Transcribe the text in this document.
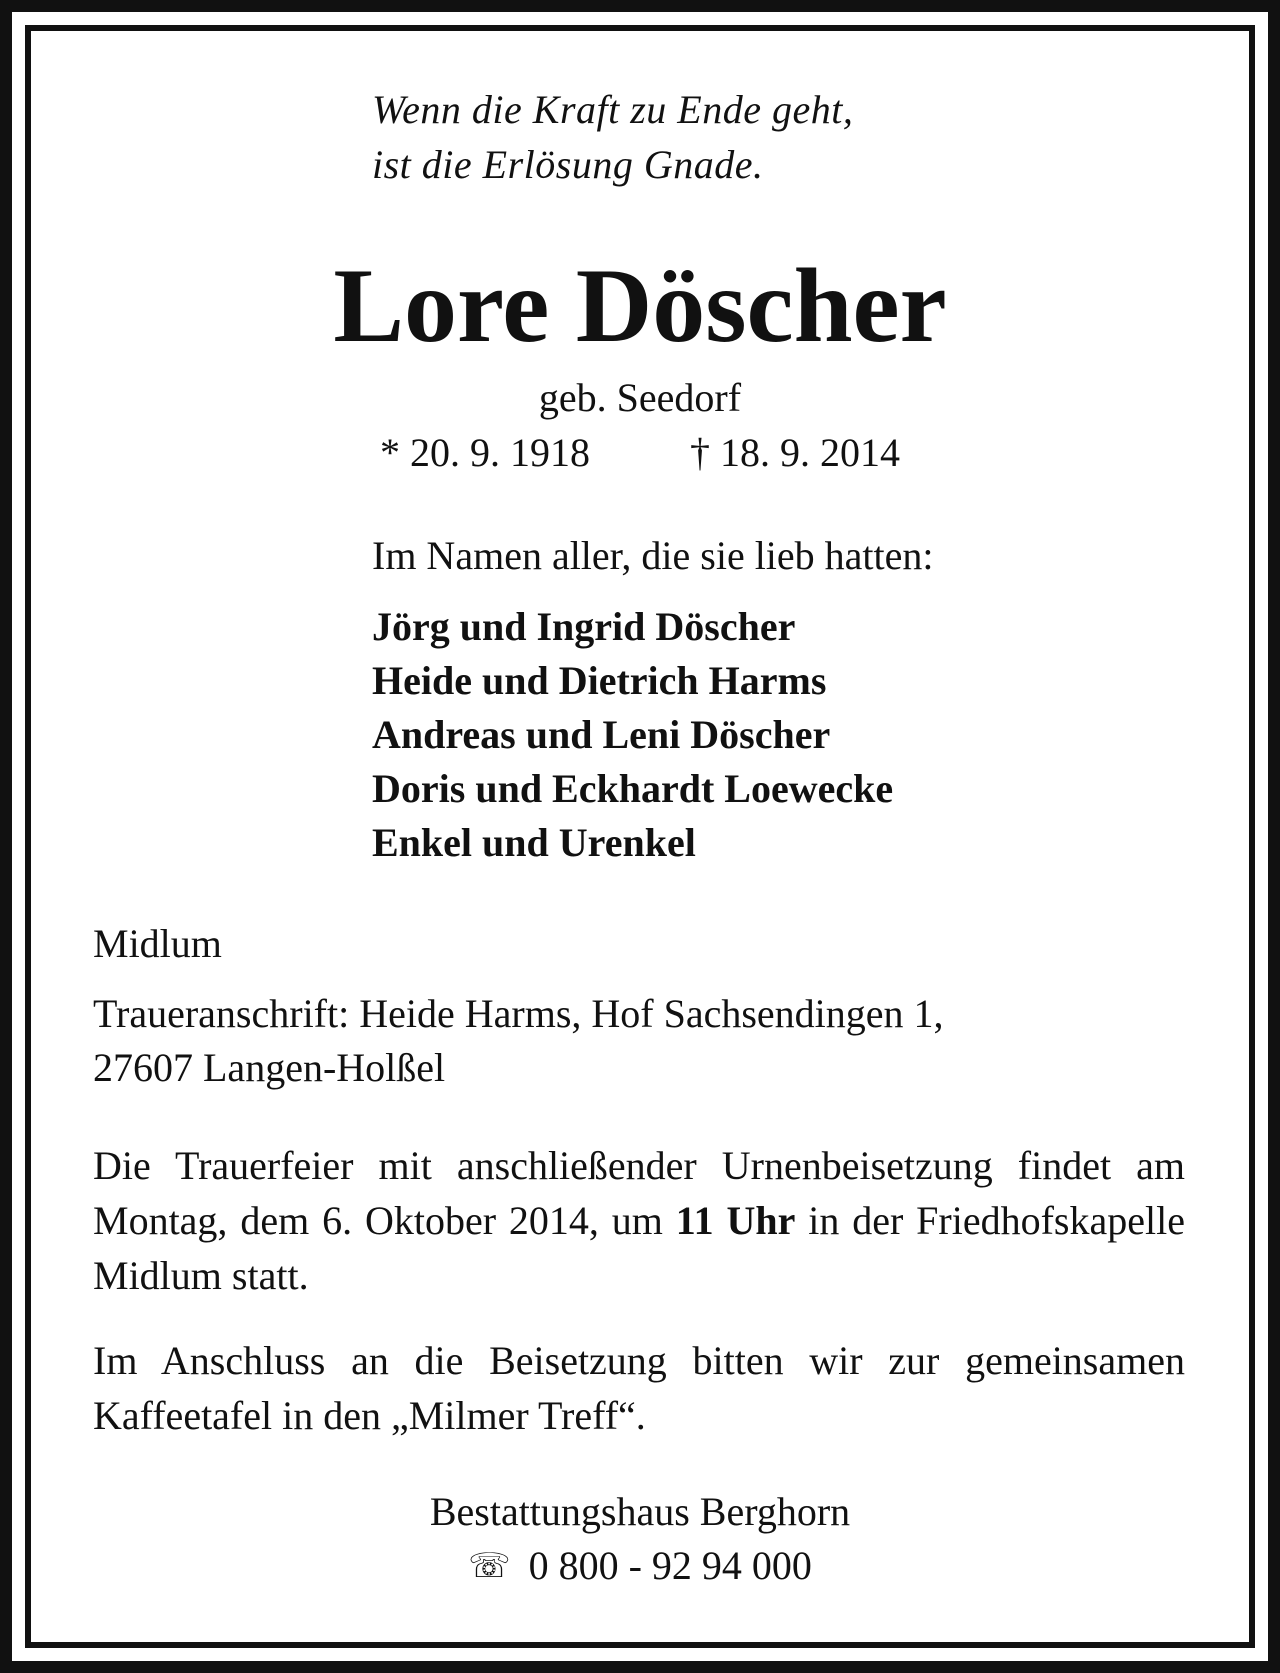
Wenn die Kraft zu Ende geht,
ist die Erlösung Gnade.
Lore Döscher
geb. Seedorf
* 20. 9. 1918	† 18. 9. 2014
Im Namen aller, die sie lieb hatten:
Jörg und Ingrid Döscher
Heide und Dietrich Harms
Andreas und Leni Döscher
Doris und Eckhardt Loewecke
Enkel und Urenkel
Midlum
Traueranschrift: Heide Harms, Hof Sachsendingen 1,
27607 Langen-Holßel
Die Trauerfeier mit anschließender Urnenbeisetzung findet am Montag, dem 6. Oktober 2014, um 11 Uhr in der Friedhofskapelle Midlum statt.
Im Anschluss an die Beisetzung bitten wir zur gemeinsamen Kaffeetafel in den „Milmer Treff“.
Bestattungshaus Berghorn
☏ 0 800 - 92 94 000
